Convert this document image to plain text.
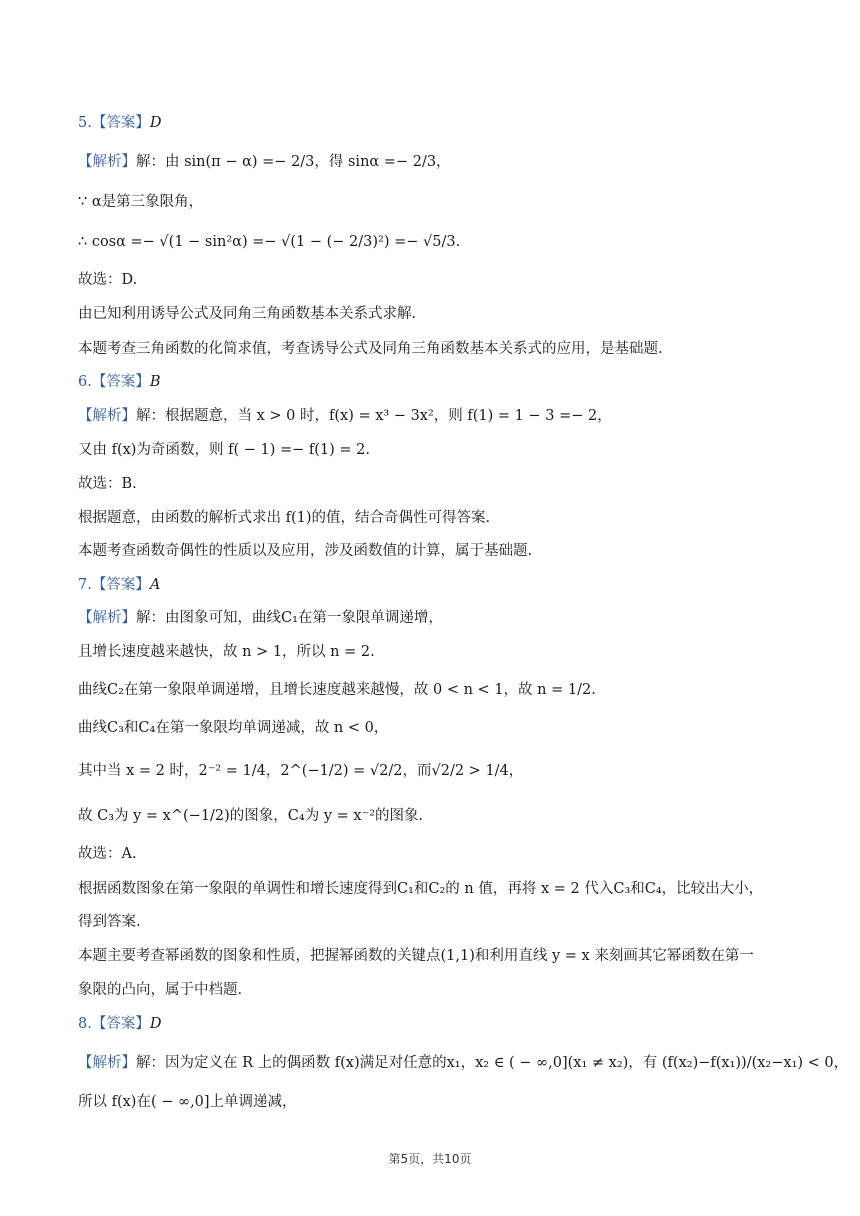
5.【答案】D
【解析】解：由 sin(π − α) =− 2/3，得 sinα =− 2/3，
∵ α是第三象限角，
∴ cosα =− √(1 − sin²α) =− √(1 − (− 2/3)²) =− √5/3.
故选：D.
由已知利用诱导公式及同角三角函数基本关系式求解.
本题考查三角函数的化简求值，考查诱导公式及同角三角函数基本关系式的应用，是基础题.
6.【答案】B
【解析】解：根据题意，当 x > 0 时，f(x) = x³ − 3x²，则 f(1) = 1 − 3 =− 2，
又由 f(x)为奇函数，则 f( − 1) =− f(1) = 2.
故选：B.
根据题意，由函数的解析式求出 f(1)的值，结合奇偶性可得答案.
本题考查函数奇偶性的性质以及应用，涉及函数值的计算，属于基础题.
7.【答案】A
【解析】解：由图象可知，曲线C₁在第一象限单调递增，
且增长速度越来越快，故 n > 1，所以 n = 2.
曲线C₂在第一象限单调递增，且增长速度越来越慢，故 0 < n < 1，故 n = 1/2.
曲线C₃和C₄在第一象限均单调递减，故 n < 0，
其中当 x = 2 时，2⁻² = 1/4，2^(−1/2) = √2/2，而√2/2 > 1/4，
故 C₃为 y = x^(−1/2)的图象，C₄为 y = x⁻²的图象.
故选：A.
根据函数图象在第一象限的单调性和增长速度得到C₁和C₂的 n 值，再将 x = 2 代入C₃和C₄，比较出大小，
得到答案.
本题主要考查幂函数的图象和性质，把握幂函数的关键点(1,1)和利用直线 y = x 来刻画其它幂函数在第一
象限的凸向，属于中档题.
8.【答案】D
【解析】解：因为定义在 R 上的偶函数 f(x)满足对任意的x₁，x₂ ∈ ( − ∞,0](x₁ ≠ x₂)，有 (f(x₂)−f(x₁))/(x₂−x₁) < 0，
所以 f(x)在( − ∞,0]上单调递减，
第5页，共10页
